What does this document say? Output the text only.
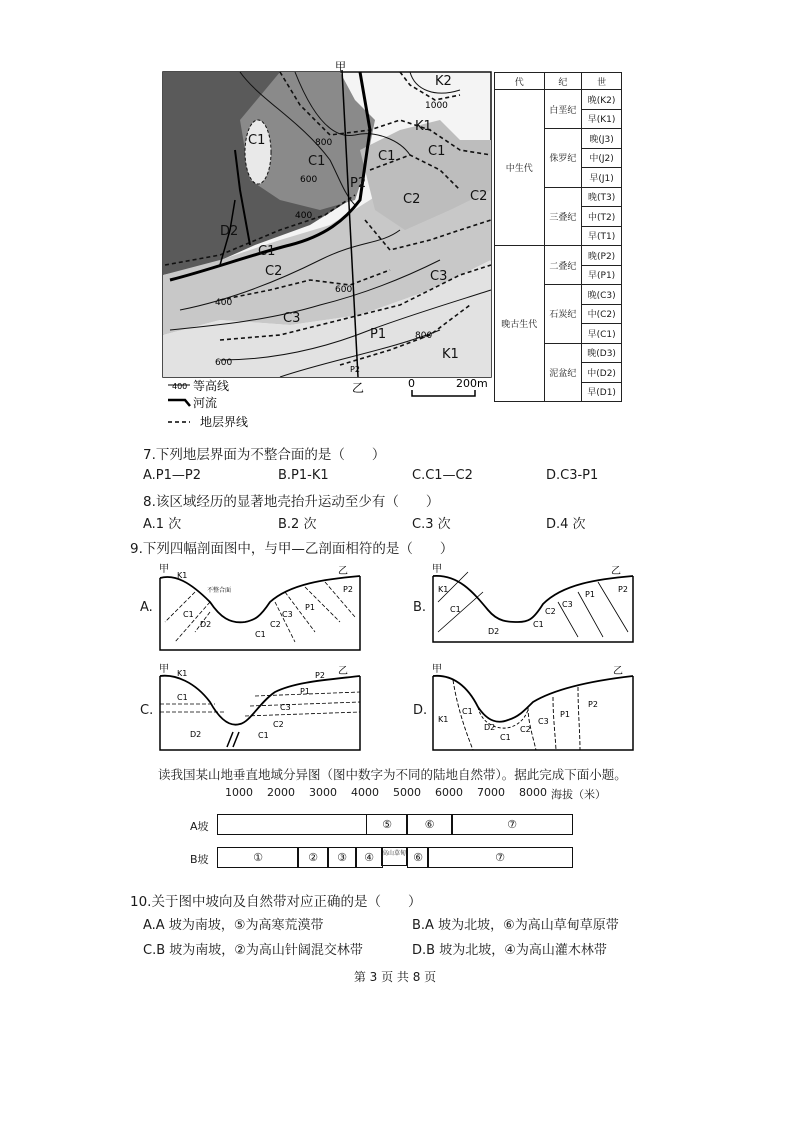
1000
800
600
400
400
600
800
600
K2
K1
C1
C1	C1
D2
C1
C2
C2	C3
C3
P1
K1
C1
C2
P2
P2
甲
乙	0	200m
400 等高线
河流
地层界线
代	纪	世
中生代	白垩纪	晚(K2)
		早(K1)
	侏罗纪	晚(J3)
		中(J2)
		早(J1)
	三叠纪	晚(T3)
		中(T2)
		早(T1)
晚古生代	二叠纪	晚(P2)
		早(P1)
	石炭纪	晚(C3)
		中(C2)
		早(C1)
	泥盆纪	晚(D3)
		中(D2)
		早(D1)
7.下列地层界面为不整合面的是（　　）
A.P1—P2	B.P1-K1	C.C1—C2	D.C3-P1
8.该区域经历的显著地壳抬升运动至少有（　　）
A.1 次	B.2 次	C.3 次	D.4 次
9.下列四幅剖面图中，与甲—乙剖面相符的是（　　）
A.
甲	乙
K1
C1
D2
C1
C2
C3
P1
P2
不整合面
B.
甲	乙
K1
C1
D2
C1
C2
C3
P1
P2
C.
甲	乙
K1
C1
D2	C1
C2
C3
P1
P2
D.
甲	乙
K1
C1
D2
C1
C2
C3
P1
P2
读我国某山地垂直地域分异图（图中数字为不同的陆地自然带）。据此完成下面小题。
1000 2000 3000 4000 5000 6000 7000 8000 海拔（米）
A坡	⑤	⑥	⑦
B坡	①	②	③	④	高山草甸 ⑥	⑦
10.关于图中坡向及自然带对应正确的是（　　）
A.A 坡为南坡，⑤为高寒荒漠带	B.A 坡为北坡，⑥为高山草甸草原带
C.B 坡为南坡，②为高山针阔混交林带	D.B 坡为北坡，④为高山灌木林带
第 3 页 共 8 页
